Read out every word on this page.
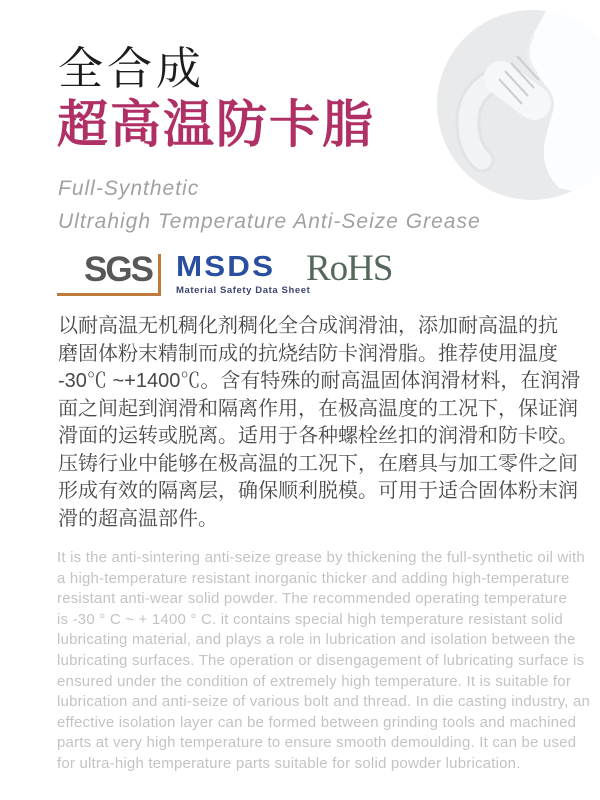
全合成
超高温防卡脂

Full-Synthetic
Ultrahigh Temperature Anti-Seize Grease

SGS MSDS
Material Safety Data Sheet
RoHS
以耐高温无机稠化剂稠化全合成润滑油，添加耐高温的抗
磨固体粉末精制而成的抗烧结防卡润滑脂。推荐使用温度
-30℃ ~+1400℃。含有特殊的耐高温固体润滑材料，在润滑
面之间起到润滑和隔离作用，在极高温度的工况下，保证润
滑面的运转或脱离。适用于各种螺栓丝扣的润滑和防卡咬。
压铸行业中能够在极高温的工况下，在磨具与加工零件之间
形成有效的隔离层，确保顺利脱模。可用于适合固体粉末润
滑的超高温部件。
It is the anti-sintering anti-seize grease by thickening the full-synthetic oil with
a high-temperature resistant inorganic thicker and adding high-temperature
resistant anti-wear solid powder. The recommended operating temperature
is -30 ° C ~ + 1400 ° C. it contains special high temperature resistant solid
lubricating material, and plays a role in lubrication and isolation between the
lubricating surfaces. The operation or disengagement of lubricating surface is
ensured under the condition of extremely high temperature. It is suitable for
lubrication and anti-seize of various bolt and thread. In die casting industry, an
effective isolation layer can be formed between grinding tools and machined
parts at very high temperature to ensure smooth demoulding. It can be used
for ultra-high temperature parts suitable for solid powder lubrication.
